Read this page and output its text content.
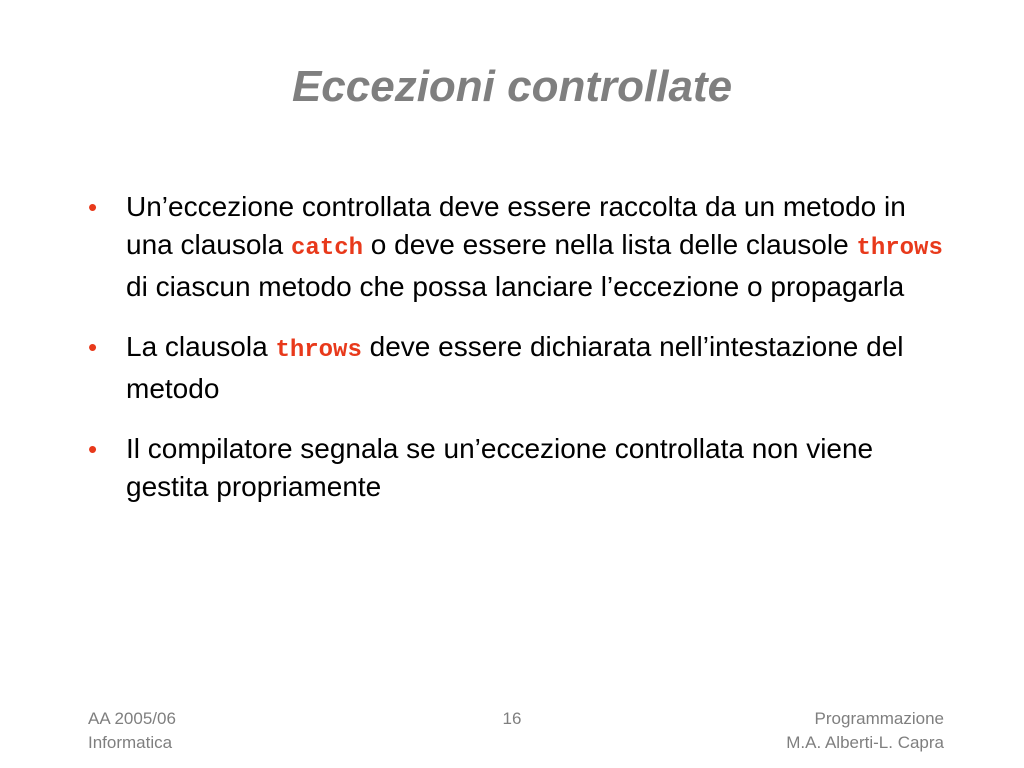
Eccezioni controllate
• Un’eccezione controllata deve essere raccolta da un metodo in una clausola catch o deve essere nella lista delle clausole throws di ciascun metodo che possa lanciare l’eccezione o propagarla
• La clausola throws deve essere dichiarata nell’intestazione del metodo
• Il compilatore segnala se un’eccezione controllata non viene gestita propriamente
AA 2005/06
Informatica
16	Programmazione
M.A. Alberti-L. Capra
